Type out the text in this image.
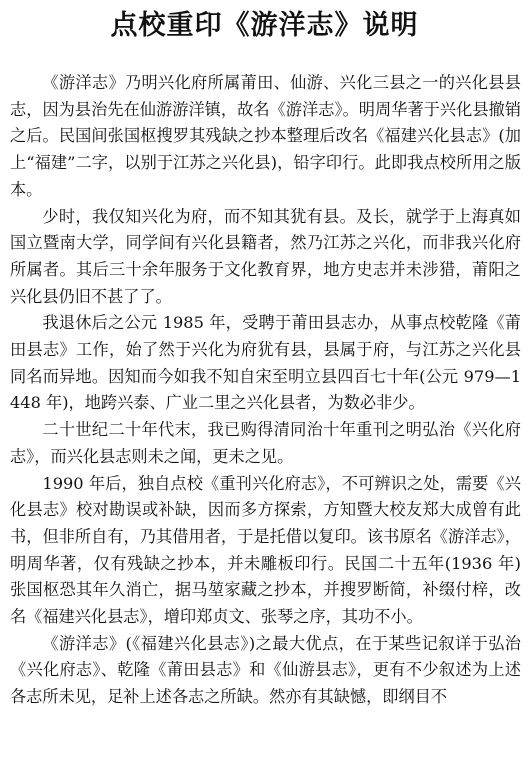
点校重印《游洋志》说明

《游洋志》乃明兴化府所属莆田、仙游、兴化三县之一的兴化县县志，因为县治先在仙游游洋镇，故名《游洋志》。明周华著于兴化县撤销之后。民国间张国枢搜罗其残缺之抄本整理后改名《福建兴化县志》(加上“福建”二字，以别于江苏之兴化县)，铅字印行。此即我点校所用之版本。

少时，我仅知兴化为府，而不知其犹有县。及长，就学于上海真如国立暨南大学，同学间有兴化县籍者，然乃江苏之兴化，而非我兴化府所属者。其后三十余年服务于文化教育界，地方史志并未涉猎，莆阳之兴化县仍旧不甚了了。

我退休后之公元 1985 年，受聘于莆田县志办，从事点校乾隆《莆田县志》工作，始了然于兴化为府犹有县，县属于府，与江苏之兴化县同名而异地。因知而今如我不知自宋至明立县四百七十年(公元 979—1448 年)，地跨兴泰、广业二里之兴化县者，为数必非少。

二十世纪二十年代末，我已购得清同治十年重刊之明弘治《兴化府志》，而兴化县志则未之闻，更未之见。

1990 年后，独自点校《重刊兴化府志》，不可辨识之处，需要《兴化县志》校对勘误或补缺，因而多方探索，方知暨大校友郑大成曾有此书，但非所自有，乃其借用者，于是托借以复印。该书原名《游洋志》，明周华著，仅有残缺之抄本，并未雕板印行。民国二十五年(1936 年)张国枢恐其年久消亡，据马堃家藏之抄本，并搜罗断简，补缀付梓，改名《福建兴化县志》，增印郑贞文、张琴之序，其功不小。

《游洋志》(《福建兴化县志》)之最大优点，在于某些记叙详于弘治《兴化府志》、乾隆《莆田县志》和《仙游县志》，更有不少叙述为上述各志所未见，足补上述各志之所缺。然亦有其缺憾，即纲目不
